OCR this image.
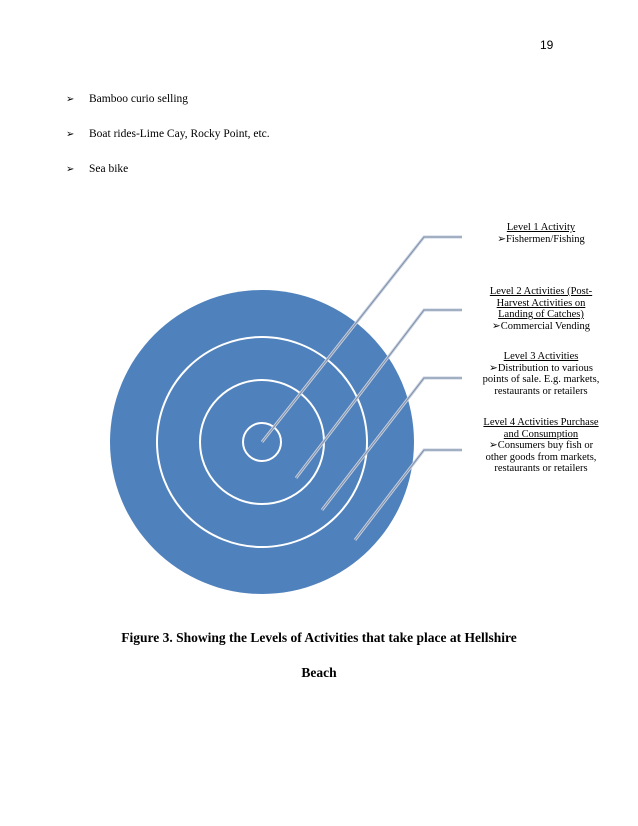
19
➢	Bamboo curio selling
➢	Boat rides-Lime Cay, Rocky Point, etc.
➢	Sea bike
Level 1 Activity
➢Fishermen/Fishing
Level 2 Activities (Post-
Harvest Activities on
Landing of Catches)
➢Commercial Vending
Level 3 Activities
➢Distribution to various
points of sale. E.g. markets,
restaurants or retailers
Level 4 Activities Purchase
and Consumption
➢Consumers buy fish or
other goods from markets,
restaurants or retailers
Figure 3. Showing the Levels of Activities that take place at Hellshire
Beach
